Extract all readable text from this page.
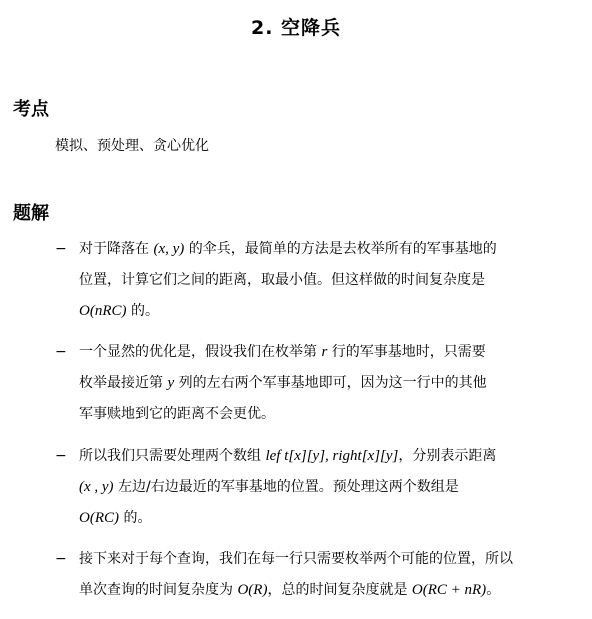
2. 空降兵
考点
模拟、预处理、贪心优化
题解
− 对于降落在 (x, y) 的伞兵，最简单的方法是去枚举所有的军事基地的
位置，计算它们之间的距离，取最小值。但这样做的时间复杂度是
O(nRC) 的。
− 一个显然的优化是，假设我们在枚举第 r 行的军事基地时，只需要
枚举最接近第 y 列的左右两个军事基地即可，因为这一行中的其他
军事赎地到它的距离不会更优。
− 所以我们只需要处理两个数组 lef t[x][y], right[x][y]，分别表示距离
(x , y) 左边/右边最近的军事基地的位置。预处理这两个数组是
O(RC) 的。
− 接下来对于每个查询，我们在每一行只需要枚举两个可能的位置，所以
单次查询的时间复杂度为 O(R)，总的时间复杂度就是 O(RC + nR)。
